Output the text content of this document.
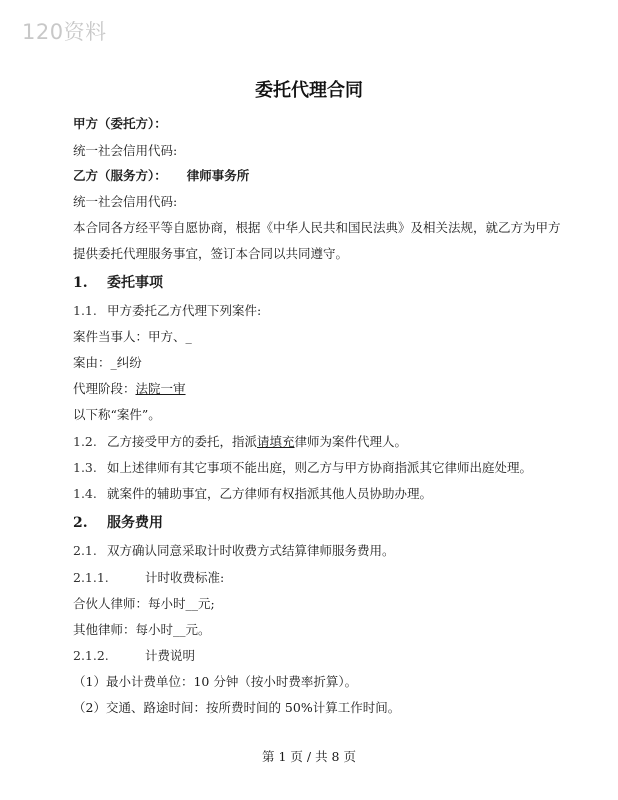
120资料
委托代理合同
甲方（委托方）：
统一社会信用代码:
乙方（服务方）： 律师事务所
统一社会信用代码:
本合同各方经平等自愿协商，根据《中华人民共和国民法典》及相关法规，就乙方为甲方
提供委托代理服务事宜，签订本合同以共同遵守。
1. 委托事项
1.1. 甲方委托乙方代理下列案件:
案件当事人：甲方、_
案由：_纠纷
代理阶段：法院一审
以下称“案件”。
1.2. 乙方接受甲方的委托，指派请填充律师为案件代理人。
1.3. 如上述律师有其它事项不能出庭，则乙方与甲方协商指派其它律师出庭处理。
1.4. 就案件的辅助事宜，乙方律师有权指派其他人员协助办理。
2. 服务费用
2.1. 双方确认同意采取计时收费方式结算律师服务费用。
2.1.1.	计时收费标准:
合伙人律师：每小时__元;
其他律师：每小时__元。
2.1.2.	计费说明
（1）最小计费单位：10 分钟（按小时费率折算）。
（2）交通、路途时间：按所费时间的 50%计算工作时间。
第 1 页 / 共 8 页
